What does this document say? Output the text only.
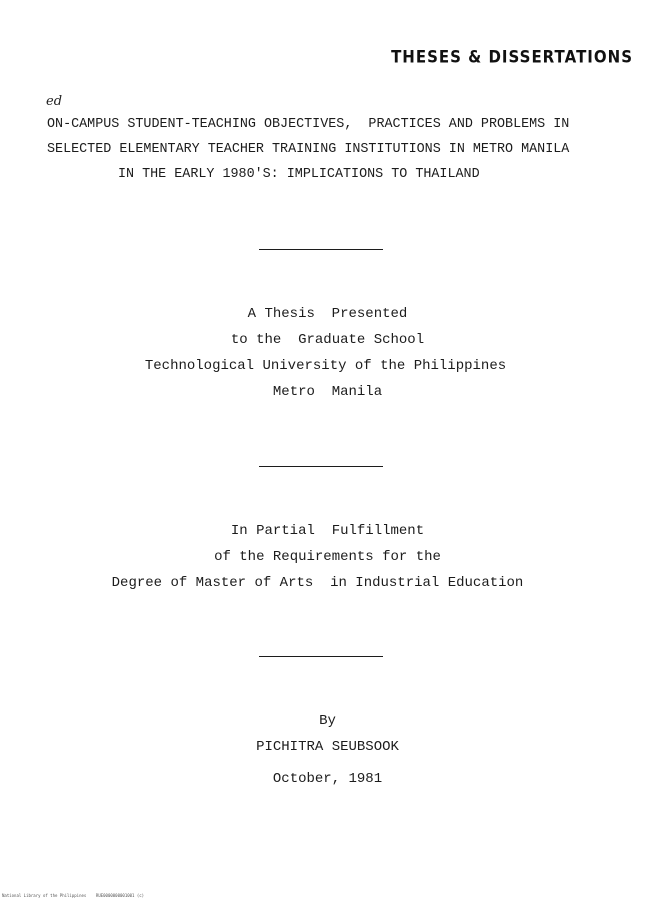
THESES & DISSERTATIONS
ed

ON-CAMPUS STUDENT-TEACHING OBJECTIVES,  PRACTICES AND PROBLEMS IN

SELECTED ELEMENTARY TEACHER TRAINING INSTITUTIONS IN METRO MANILA

IN THE EARLY 1980'S: IMPLICATIONS TO THAILAND

A Thesis  Presented
to the  Graduate School
Technological University of the Philippines
Metro  Manila
In Partial  Fulfillment
of the Requirements for the
Degree of Master of Arts  in Industrial Education
By
PICHITRA SEUBSOOK
October, 1981
National Library of the Philippines    RUE0000000001001 (c)
